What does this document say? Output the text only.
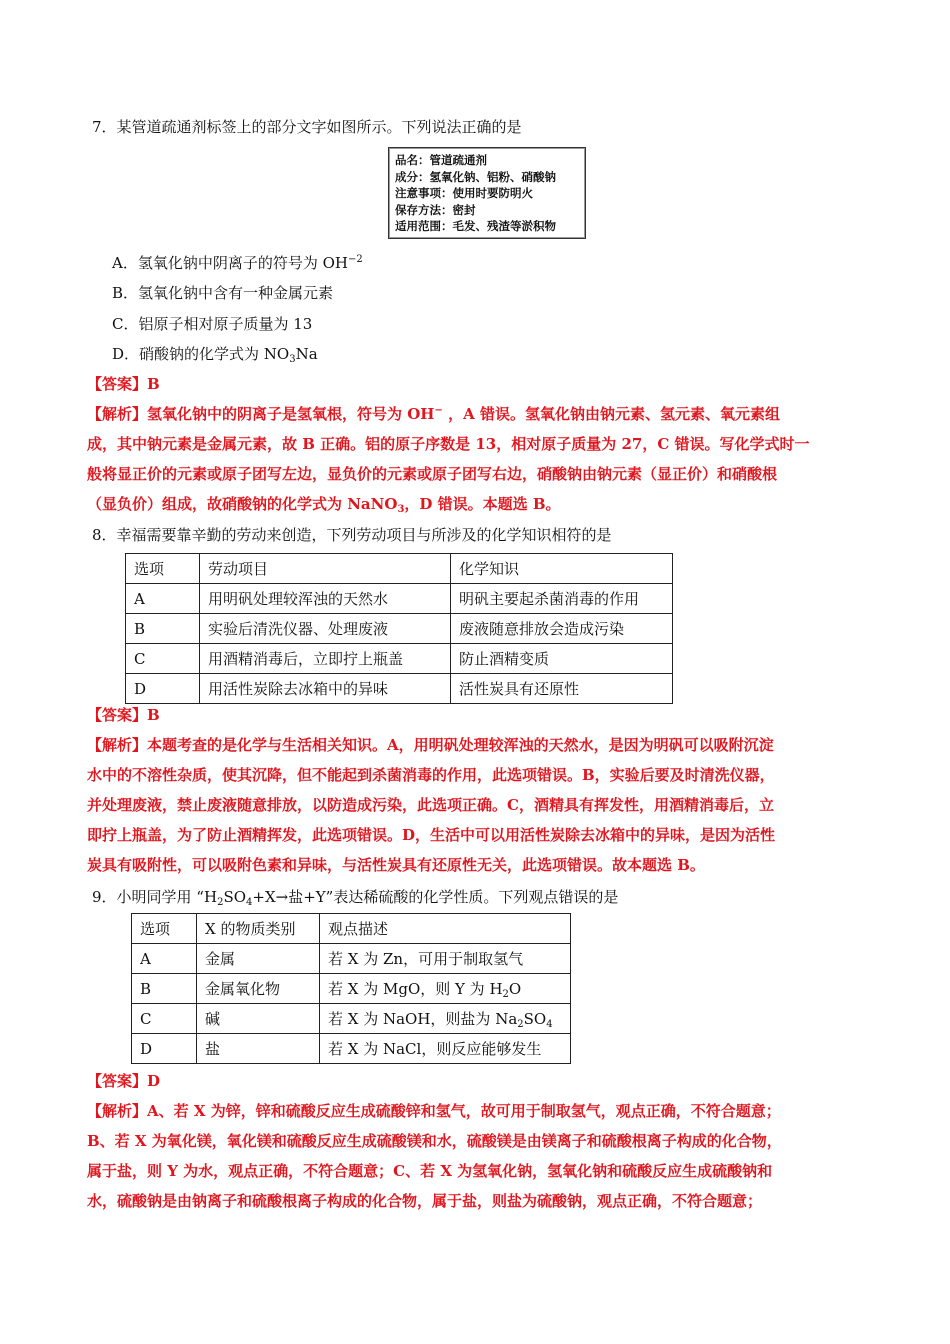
7．某管道疏通剂标签上的部分文字如图所示。下列说法正确的是
品名：管道疏通剂
成分：氢氧化钠、铝粉、硝酸钠
注意事项：使用时要防明火
保存方法：密封
适用范围：毛发、残渣等淤积物
A．氢氧化钠中阴离子的符号为 $OH^{-2}$
B．氢氧化钠中含有一种金属元素
C．铝原子相对原子质量为 13
D．硝酸钠的化学式为 $NO_3Na$
【答案】B

【解析】氢氧化钠中的阴离子是氢氧根，符号为 OH− ，A 错误。氢氧化钠由钠元素、氢元素、氧元素组

成，其中钠元素是金属元素，故 B 正确。铝的原子序数是 13，相对原子质量为 27，C 错误。写化学式时一

般将显正价的元素或原子团写左边，显负价的元素或原子团写右边，硝酸钠由钠元素（显正价）和硝酸根

（显负价）组成，故硝酸钠的化学式为 NaNO$_3$，D 错误。本题选 B。

8．幸福需要靠辛勤的劳动来创造，下列劳动项目与所涉及的化学知识相符的是
选项	劳动项目	化学知识
A	用明矾处理较浑浊的天然水	明矾主要起杀菌消毒的作用
B	实验后清洗仪器、处理废液	废液随意排放会造成污染
C	用酒精消毒后，立即拧上瓶盖	防止酒精变质
D	用活性炭除去冰箱中的异味	活性炭具有还原性
【答案】B

【解析】本题考查的是化学与生活相关知识。A，用明矾处理较浑浊的天然水，是因为明矾可以吸附沉淀

水中的不溶性杂质，使其沉降，但不能起到杀菌消毒的作用，此选项错误。B，实验后要及时清洗仪器，

并处理废液，禁止废液随意排放，以防造成污染，此选项正确。C，酒精具有挥发性，用酒精消毒后，立

即拧上瓶盖，为了防止酒精挥发，此选项错误。D，生活中可以用活性炭除去冰箱中的异味，是因为活性

炭具有吸附性，可以吸附色素和异味，与活性炭具有还原性无关，此选项错误。故本题选 B。

9．小明同学用 “$H_2SO_4+X\to$盐+Y”表达稀硫酸的化学性质。下列观点错误的是
选项	X 的物质类别	观点描述
A	金属	若 X 为 Zn，可用于制取氢气
B	金属氧化物	若 X 为 MgO，则 Y 为 $H_2O$
C	碱	若 X 为 NaOH，则盐为 $Na_2SO_4$
D	盐	若 X 为 NaCl，则反应能够发生
【答案】D

【解析】A、若 X 为锌，锌和硫酸反应生成硫酸锌和氢气，故可用于制取氢气，观点正确，不符合题意；

B、若 X 为氧化镁，氧化镁和硫酸反应生成硫酸镁和水，硫酸镁是由镁离子和硫酸根离子构成的化合物，

属于盐，则 Y 为水，观点正确，不符合题意；C、若 X 为氢氧化钠，氢氧化钠和硫酸反应生成硫酸钠和

水，硫酸钠是由钠离子和硫酸根离子构成的化合物，属于盐，则盐为硫酸钠，观点正确，不符合题意；
